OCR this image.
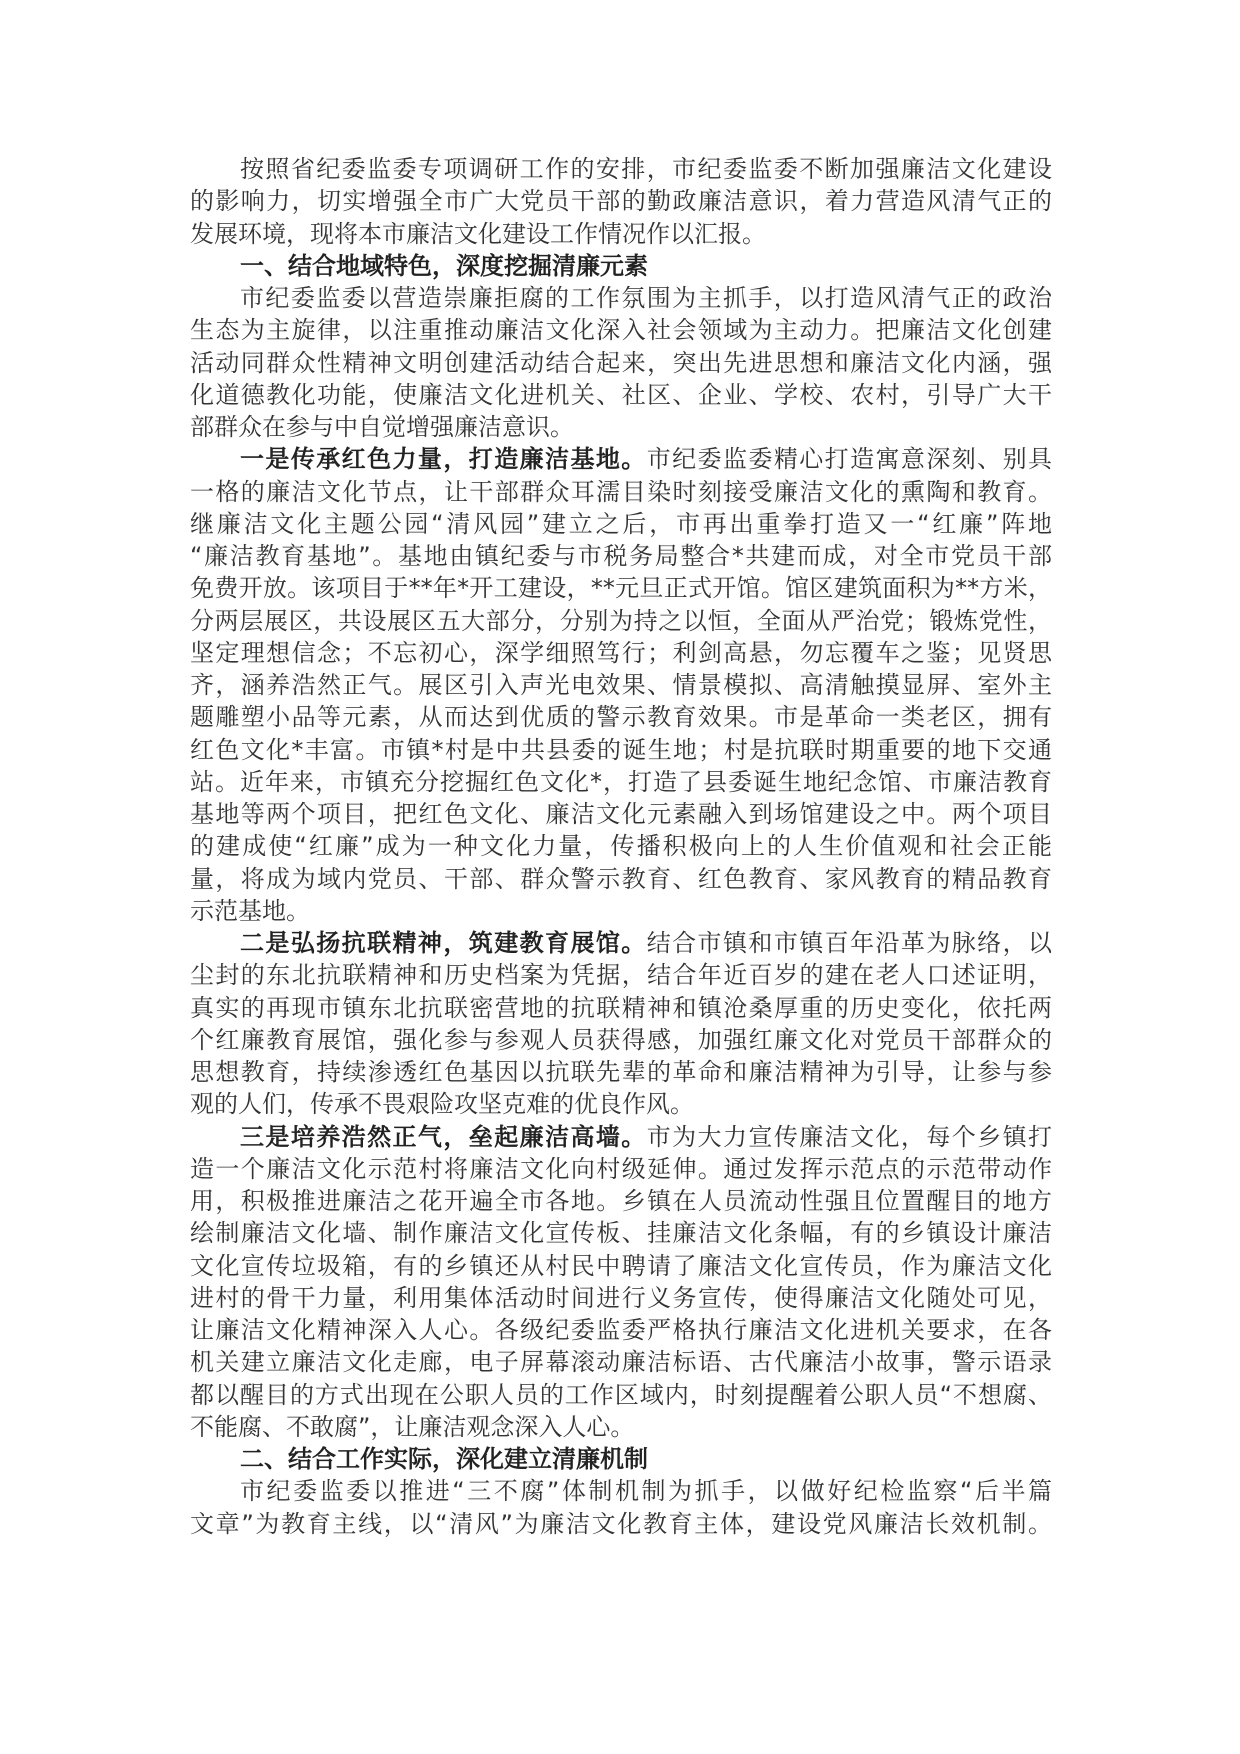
按照省纪委监委专项调研工作的安排，市纪委监委不断加强廉洁文化建设
的影响力，切实增强全市广大党员干部的勤政廉洁意识，着力营造风清气正的
发展环境，现将本市廉洁文化建设工作情况作以汇报。
一、结合地域特色，深度挖掘清廉元素
市纪委监委以营造崇廉拒腐的工作氛围为主抓手，以打造风清气正的政治
生态为主旋律，以注重推动廉洁文化深入社会领域为主动力。把廉洁文化创建
活动同群众性精神文明创建活动结合起来，突出先进思想和廉洁文化内涵，强
化道德教化功能，使廉洁文化进机关、社区、企业、学校、农村，引导广大干
部群众在参与中自觉增强廉洁意识。
一是传承红色力量，打造廉洁基地。市纪委监委精心打造寓意深刻、别具
一格的廉洁文化节点，让干部群众耳濡目染时刻接受廉洁文化的熏陶和教育。
继廉洁文化主题公园“清风园”建立之后，市再出重拳打造又一“红廉”阵地
“廉洁教育基地”。基地由镇纪委与市税务局整合*共建而成，对全市党员干部
免费开放。该项目于**年*开工建设，**元旦正式开馆。馆区建筑面积为**方米，
分两层展区，共设展区五大部分，分别为持之以恒，全面从严治党；锻炼党性，
坚定理想信念；不忘初心，深学细照笃行；利剑高悬，勿忘覆车之鉴；见贤思
齐，涵养浩然正气。展区引入声光电效果、情景模拟、高清触摸显屏、室外主
题雕塑小品等元素，从而达到优质的警示教育效果。市是革命一类老区，拥有
红色文化*丰富。市镇*村是中共县委的诞生地；村是抗联时期重要的地下交通
站。近年来，市镇充分挖掘红色文化*，打造了县委诞生地纪念馆、市廉洁教育
基地等两个项目，把红色文化、廉洁文化元素融入到场馆建设之中。两个项目
的建成使“红廉”成为一种文化力量，传播积极向上的人生价值观和社会正能
量，将成为域内党员、干部、群众警示教育、红色教育、家风教育的精品教育
示范基地。
二是弘扬抗联精神，筑建教育展馆。结合市镇和市镇百年沿革为脉络，以
尘封的东北抗联精神和历史档案为凭据，结合年近百岁的建在老人口述证明，
真实的再现市镇东北抗联密营地的抗联精神和镇沧桑厚重的历史变化，依托两
个红廉教育展馆，强化参与参观人员获得感，加强红廉文化对党员干部群众的
思想教育，持续渗透红色基因以抗联先辈的革命和廉洁精神为引导，让参与参
观的人们，传承不畏艰险攻坚克难的优良作风。
三是培养浩然正气，垒起廉洁高墙。市为大力宣传廉洁文化，每个乡镇打
造一个廉洁文化示范村将廉洁文化向村级延伸。通过发挥示范点的示范带动作
用，积极推进廉洁之花开遍全市各地。乡镇在人员流动性强且位置醒目的地方
绘制廉洁文化墙、制作廉洁文化宣传板、挂廉洁文化条幅，有的乡镇设计廉洁
文化宣传垃圾箱，有的乡镇还从村民中聘请了廉洁文化宣传员，作为廉洁文化
进村的骨干力量，利用集体活动时间进行义务宣传，使得廉洁文化随处可见，
让廉洁文化精神深入人心。各级纪委监委严格执行廉洁文化进机关要求，在各
机关建立廉洁文化走廊，电子屏幕滚动廉洁标语、古代廉洁小故事，警示语录
都以醒目的方式出现在公职人员的工作区域内，时刻提醒着公职人员“不想腐、
不能腐、不敢腐”，让廉洁观念深入人心。
二、结合工作实际，深化建立清廉机制
市纪委监委以推进“三不腐”体制机制为抓手，以做好纪检监察“后半篇
文章”为教育主线，以“清风”为廉洁文化教育主体，建设党风廉洁长效机制。
